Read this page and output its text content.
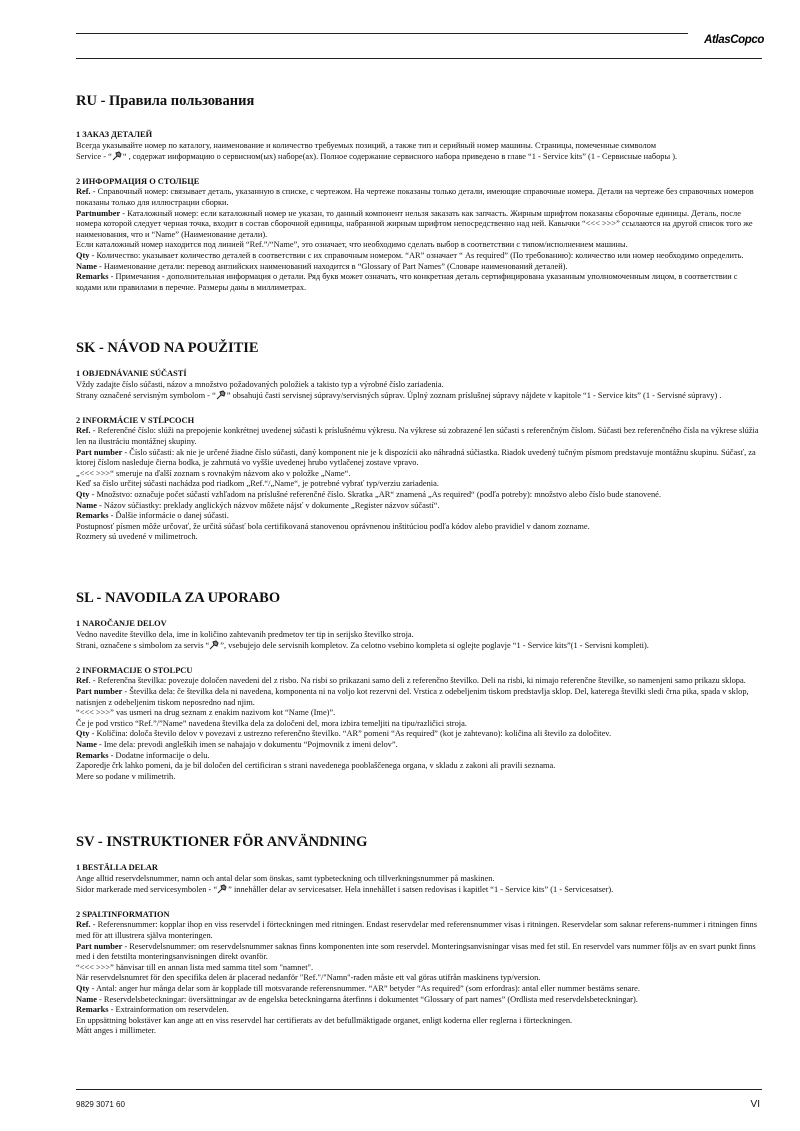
AtlasCopco
RU - Правила пользования
1 ЗАКАЗ ДЕТАЛЕЙ

Всегда указывайте номер по каталогу, наименование и количество требуемых позиций, а также тип и серийный номер машины. Страницы, помеченные символом

Service - “ “ , содержат информацию о сервисном(ых) наборе(ах). Полное содержание сервисного набора приведено в главе “1 - Service kits” (1 - Сервисные наборы ).

2 ИНФОРМАЦИЯ О СТОЛБЦЕ

Ref. - Справочный номер: связывает деталь, указанную в списке, с чертежом. На чертеже показаны только детали, имеющие справочные номера. Детали на чертеже без справочных номеров показаны только для иллюстрации сборки.

Partnumber - Каталожный номер: если каталожный номер не указан, то данный компонент нельзя заказать как запчасть. Жирным шрифтом показаны сборочные единицы. Деталь, после номера которой следует черная точка, входит в состав сборочной единицы, набранной жирным шрифтом непосредственно над ней. Кавычки “<<< >>>” ссылаются на другой список того же наименования, что и “Name” (Наименование детали).

Если каталожный номер находится под линией “Ref.”/“Name”, это означает, что необходимо сделать выбор в соответствии с типом/исполнением машины.

Qty - Количество: указывает количество деталей в соответствии с их справочным номером. “AR” означает “ As required” (По требованию): количество или номер необходимо определить.

Name - Наименование детали: перевод английских наименований находится в “Glossary of Part Names” (Словаре наименований деталей).

Remarks - Примечания - дополнительная информация о детали. Ряд букв может означать, что конкретная деталь сертифицирована указанным уполномоченным лицом, в соответствии с кодами или правилами в перечне. Размеры даны в миллиметрах.

SK - NÁVOD NA POUŽITIE
1 OBJEDNÁVANIE SÚČASTÍ

Vždy zadajte číslo súčasti, názov a množstvo požadovaných položiek a takisto typ a výrobné číslo zariadenia.

Strany označené servisným symbolom - “ ” obsahujú časti servisnej súpravy/servisných súprav. Úplný zoznam príslušnej súpravy nájdete v kapitole “1 - Service kits” (1 - Servisné súpravy) .

2 INFORMÁCIE V STĹPCOCH

Ref. - Referenčné číslo: slúži na prepojenie konkrétnej uvedenej súčasti k príslušnému výkresu. Na výkrese sú zobrazené len súčasti s referenčným číslom. Súčasti bez referenčného čísla na výkrese slúžia len na ilustráciu montážnej skupiny.

Part number - Číslo súčasti: ak nie je určené žiadne číslo súčasti, daný komponent nie je k dispozícii ako náhradná súčiastka. Riadok uvedený tučným písmom predstavuje montážnu skupinu. Súčasť, za ktorej číslom nasleduje čierna bodka, je zahrnutá vo vyššie uvedenej hrubo vytlačenej zostave vpravo.

„<<< >>>“ smeruje na ďalší zoznam s rovnakým názvom ako v položke „Name“.

Keď sa číslo určitej súčasti nachádza pod riadkom „Ref.“/„Name“, je potrebné vybrať typ/verziu zariadenia.

Qty - Množstvo: označuje počet súčastí vzhľadom na príslušné referenčné číslo. Skratka „AR“ znamená „As required“ (podľa potreby): množstvo alebo číslo bude stanovené.

Name - Názov súčiastky: preklady anglických názvov môžete nájsť v dokumente „Register názvov súčastí“.

Remarks - Ďalšie informácie o danej súčasti.

Postupnosť písmen môže určovať, že určitá súčasť bola certifikovaná stanovenou oprávnenou inštitúciou podľa kódov alebo pravidiel v danom zozname.

Rozmery sú uvedené v milimetroch.

SL - NAVODILA ZA UPORABO
1 NAROČANJE DELOV

Vedno navedite številko dela, ime in količino zahtevanih predmetov ter tip in serijsko številko stroja.

Strani, označene s simbolom za servis “ ”, vsebujejo dele servisnih kompletov. Za celotno vsebino kompleta si oglejte poglavje “1 - Service kits”(1 - Servisni kompleti).

2 INFORMACIJE O STOLPCU

Ref. - Referenčna številka: povezuje določen navedeni del z risbo. Na risbi so prikazani samo deli z referenčno številko. Deli na risbi, ki nimajo referenčne številke, so namenjeni samo prikazu sklopa.

Part number - Številka dela: če številka dela ni navedena, komponenta ni na voljo kot rezervni del. Vrstica z odebeljenim tiskom predstavlja sklop. Del, katerega številki sledi črna pika, spada v sklop, natisnjen z odebeljenim tiskom neposredno nad njim.

“<<< >>>” vas usmeri na drug seznam z enakim nazivom kot “Name (Ime)”.

Če je pod vrstico “Ref.”/”Name” navedena številka dela za določeni del, mora izbira temeljiti na tipu/različici stroja.

Qty - Količina: določa število delov v povezavi z ustrezno referenčno številko. “AR” pomeni “As required” (kot je zahtevano): količina ali število za določitev.

Name - Ime dela: prevodi angleških imen se nahajajo v dokumentu “Pojmovnik z imeni delov”.

Remarks - Dodatne informacije o delu.

Zaporedje črk lahko pomeni, da je bil določen del certificiran s strani navedenega pooblaščenega organa, v skladu z zakoni ali pravili seznama.

Mere so podane v milimetrih.

SV - INSTRUKTIONER FÖR ANVÄNDNING
1 BESTÄLLA DELAR

Ange alltid reservdelsnummer, namn och antal delar som önskas, samt typbeteckning och tillverkningsnummer på maskinen.

Sidor markerade med servicesymbolen - “ ” innehåller delar av servicesatser. Hela innehållet i satsen redovisas i kapitlet “1 - Service kits” (1 - Servicesatser).

2 SPALTINFORMATION

Ref. - Referensnummer: kopplar ihop en viss reservdel i förteckningen med ritningen. Endast reservdelar med referensnummer visas i ritningen. Reservdelar som saknar referens-nummer i ritningen finns med för att illustrera själva monteringen.

Part number - Reservdelsnummer: om reservdelsnummer saknas finns komponenten inte som reservdel. Monteringsanvisningar visas med fet stil. En reservdel vars nummer följs av en svart punkt finns med i den fetstilta monteringsanvisningen direkt ovanför.

“<<< >>>” hänvisar till en annan lista med samma titel som "namnet".

När reservdelsnumret för den specifika delen är placerad nedanför "Ref."/"Namn"-raden måste ett val göras utifrån maskinens typ/version.

Qty - Antal: anger hur många delar som är kopplade till motsvarande referensnummer. “AR” betyder “As required” (som erfordras): antal eller nummer bestäms senare.

Name - Reservdelsbeteckningar: översättningar av de engelska beteckningarna återfinns i dokumentet “Glossary of part names” (Ordlista med reservdelsbeteckningar).

Remarks - Extrainformation om reservdelen.

En uppsättning bokstäver kan ange att en viss reservdel har certifierats av det befullmäktigade organet, enligt koderna eller reglerna i förteckningen.

Mått anges i millimeter.

9829 3071 60	VI
